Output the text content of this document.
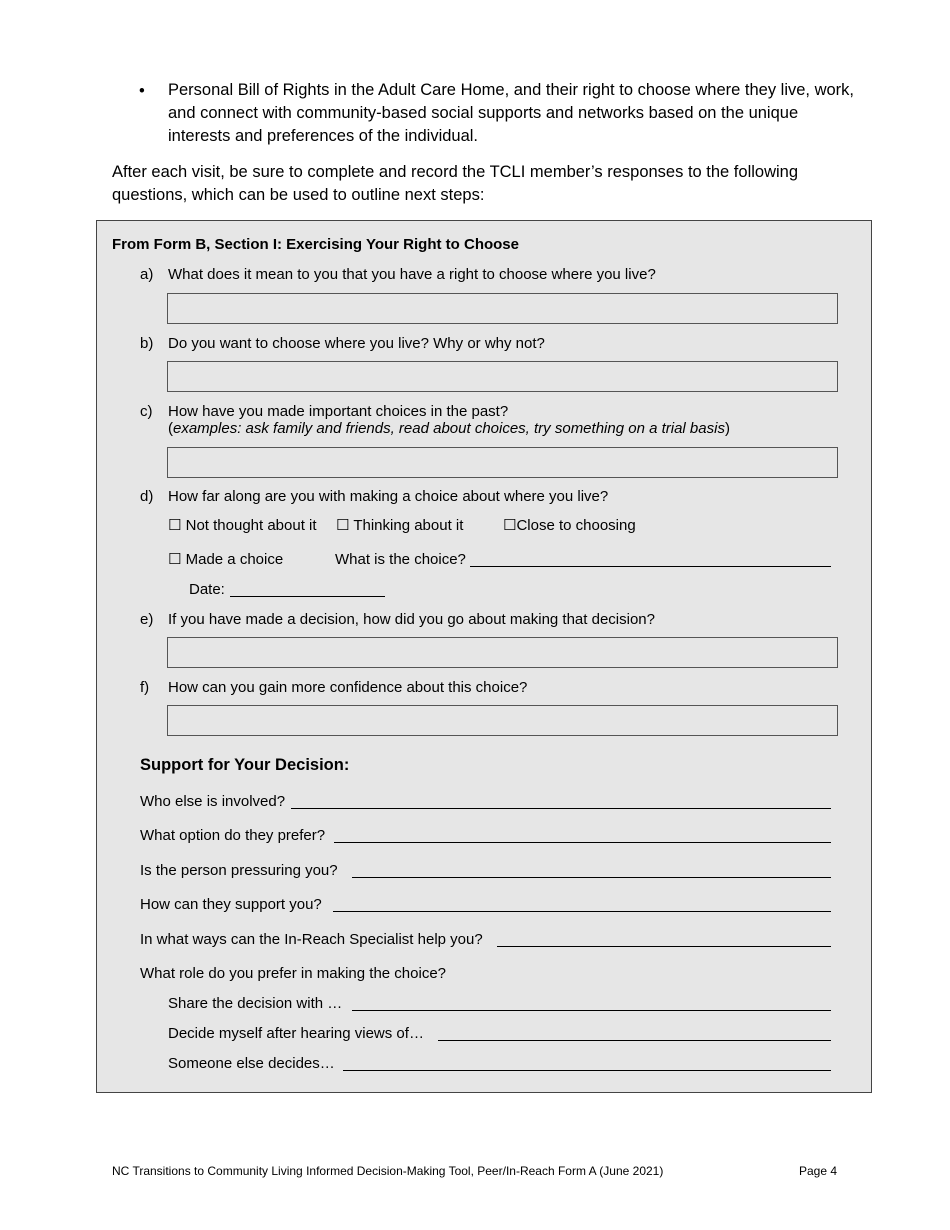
• Personal Bill of Rights in the Adult Care Home, and their right to choose where they live, work, and connect with community-based social supports and networks based on the unique interests and preferences of the individual.
After each visit, be sure to complete and record the TCLI member’s responses to the following questions, which can be used to outline next steps:
From Form B, Section I: Exercising Your Right to Choose
a) What does it mean to you that you have a right to choose where you live?
b) Do you want to choose where you live? Why or why not?
c) How have you made important choices in the past?
(examples: ask family and friends, read about choices, try something on a trial basis)
d) How far along are you with making a choice about where you live?
☐ Not thought about it ☐ Thinking about it	☐Close to choosing
☐ Made a choice	What is the choice?
Date:
e) If you have made a decision, how did you go about making that decision?
f) How can you gain more confidence about this choice?
Support for Your Decision:
Who else is involved?
What option do they prefer?
Is the person pressuring you?
How can they support you?
In what ways can the In-Reach Specialist help you?
What role do you prefer in making the choice?
Share the decision with …
Decide myself after hearing views of…
Someone else decides…
NC Transitions to Community Living Informed Decision-Making Tool, Peer/In-Reach Form A (June 2021)	Page 4
